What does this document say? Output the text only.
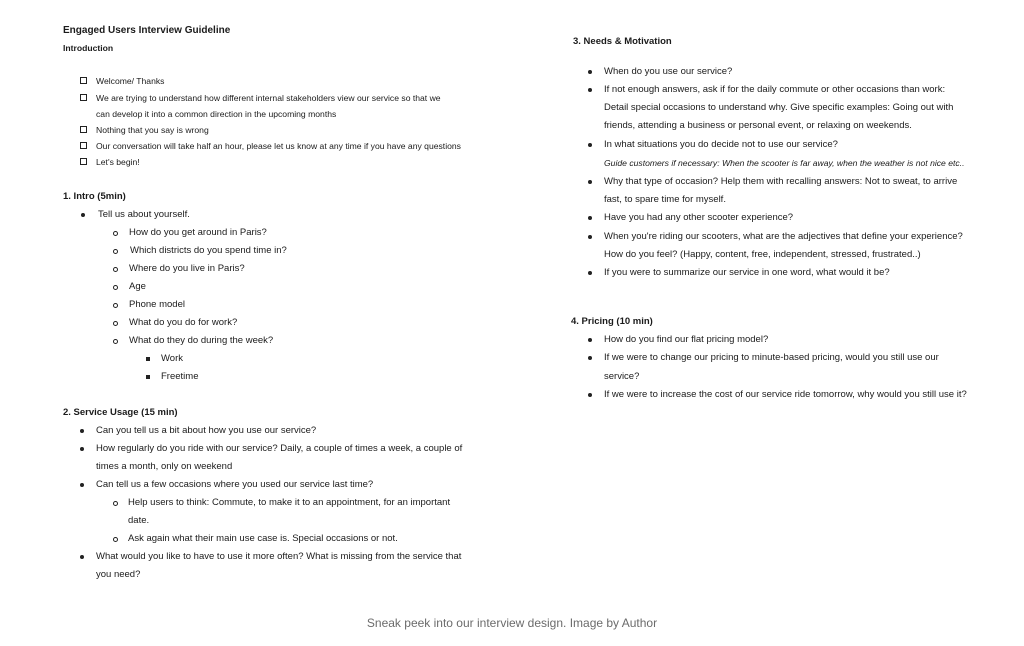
Engaged Users Interview Guideline
Introduction
Welcome/ Thanks
We are trying to understand how different internal stakeholders view our service so that we
can develop it into a common direction in the upcoming months
Nothing that you say is wrong
Our conversation will take half an hour, please let us know at any time if you have any questions
Let's begin!
1. Intro (5min)
Tell us about yourself.
How do you get around in Paris?
Which districts do you spend time in?
Where do you live in Paris?
Age
Phone model
What do you do for work?
What do they do during the week?
Work
Freetime
2. Service Usage (15 min)
Can you tell us a bit about how you use our service?
How regularly do you ride with our service? Daily, a couple of times a week, a couple of
times a month, only on weekend
Can tell us a few occasions where you used our service last time?
Help users to think: Commute, to make it to an appointment, for an important
date.
Ask again what their main use case is. Special occasions or not.
What would you like to have to use it more often? What is missing from the service that
you need?
3. Needs & Motivation
When do you use our service?
If not enough answers, ask if for the daily commute or other occasions than work:
Detail special occasions to understand why. Give specific examples: Going out with
friends, attending a business or personal event, or relaxing on weekends.
In what situations you do decide not to use our service?
Guide customers if necessary: When the scooter is far away, when the weather is not nice etc..
Why that type of occasion? Help them with recalling answers: Not to sweat, to arrive
fast, to spare time for myself.
Have you had any other scooter experience?
When you're riding our scooters, what are the adjectives that define your experience?
How do you feel? (Happy, content, free, independent, stressed, frustrated..)
If you were to summarize our service in one word, what would it be?
4. Pricing (10 min)
How do you find our flat pricing model?
If we were to change our pricing to minute-based pricing, would you still use our
service?
If we were to increase the cost of our service ride tomorrow, why would you still use it?
Sneak peek into our interview design. Image by Author
